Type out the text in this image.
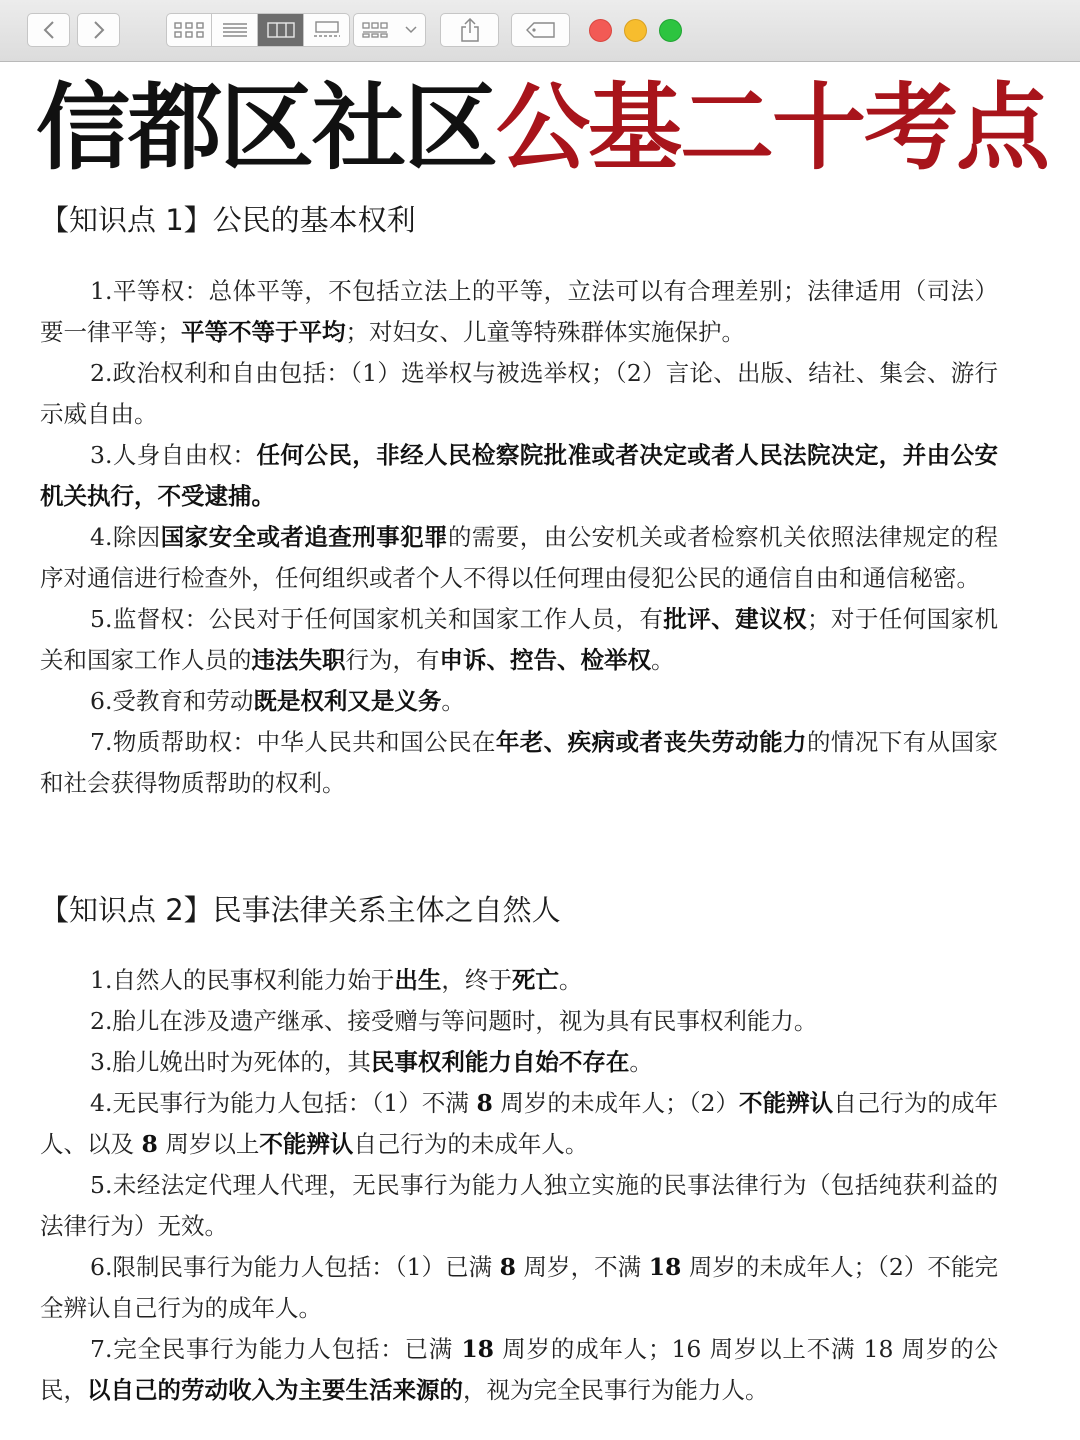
信都区社区公基二十考点
【知识点 1】公民的基本权利
1.平等权：总体平等，不包括立法上的平等，立法可以有合理差别；法律适用（司法）要一律平等；平等不等于平均；对妇女、儿童等特殊群体实施保护。
2.政治权利和自由包括：（1）选举权与被选举权；（2）言论、出版、结社、集会、游行示威自由。
3.人身自由权：任何公民，非经人民检察院批准或者决定或者人民法院决定，并由公安机关执行，不受逮捕。
4.除因国家安全或者追查刑事犯罪的需要，由公安机关或者检察机关依照法律规定的程序对通信进行检查外，任何组织或者个人不得以任何理由侵犯公民的通信自由和通信秘密。
5.监督权：公民对于任何国家机关和国家工作人员，有批评、建议权；对于任何国家机关和国家工作人员的违法失职行为，有申诉、控告、检举权。
6.受教育和劳动既是权利又是义务。
7.物质帮助权：中华人民共和国公民在年老、疾病或者丧失劳动能力的情况下有从国家和社会获得物质帮助的权利。
【知识点 2】民事法律关系主体之自然人
1.自然人的民事权利能力始于出生，终于死亡。
2.胎儿在涉及遗产继承、接受赠与等问题时，视为具有民事权利能力。
3.胎儿娩出时为死体的，其民事权利能力自始不存在。
4.无民事行为能力人包括：（1）不满 8 周岁的未成年人；（2）不能辨认自己行为的成年人、以及 8 周岁以上不能辨认自己行为的未成年人。
5.未经法定代理人代理，无民事行为能力人独立实施的民事法律行为（包括纯获利益的法律行为）无效。
6.限制民事行为能力人包括：（1）已满 8 周岁，不满 18 周岁的未成年人；（2）不能完全辨认自己行为的成年人。
7.完全民事行为能力人包括：已满 18 周岁的成年人；16 周岁以上不满 18 周岁的公民，以自己的劳动收入为主要生活来源的，视为完全民事行为能力人。
